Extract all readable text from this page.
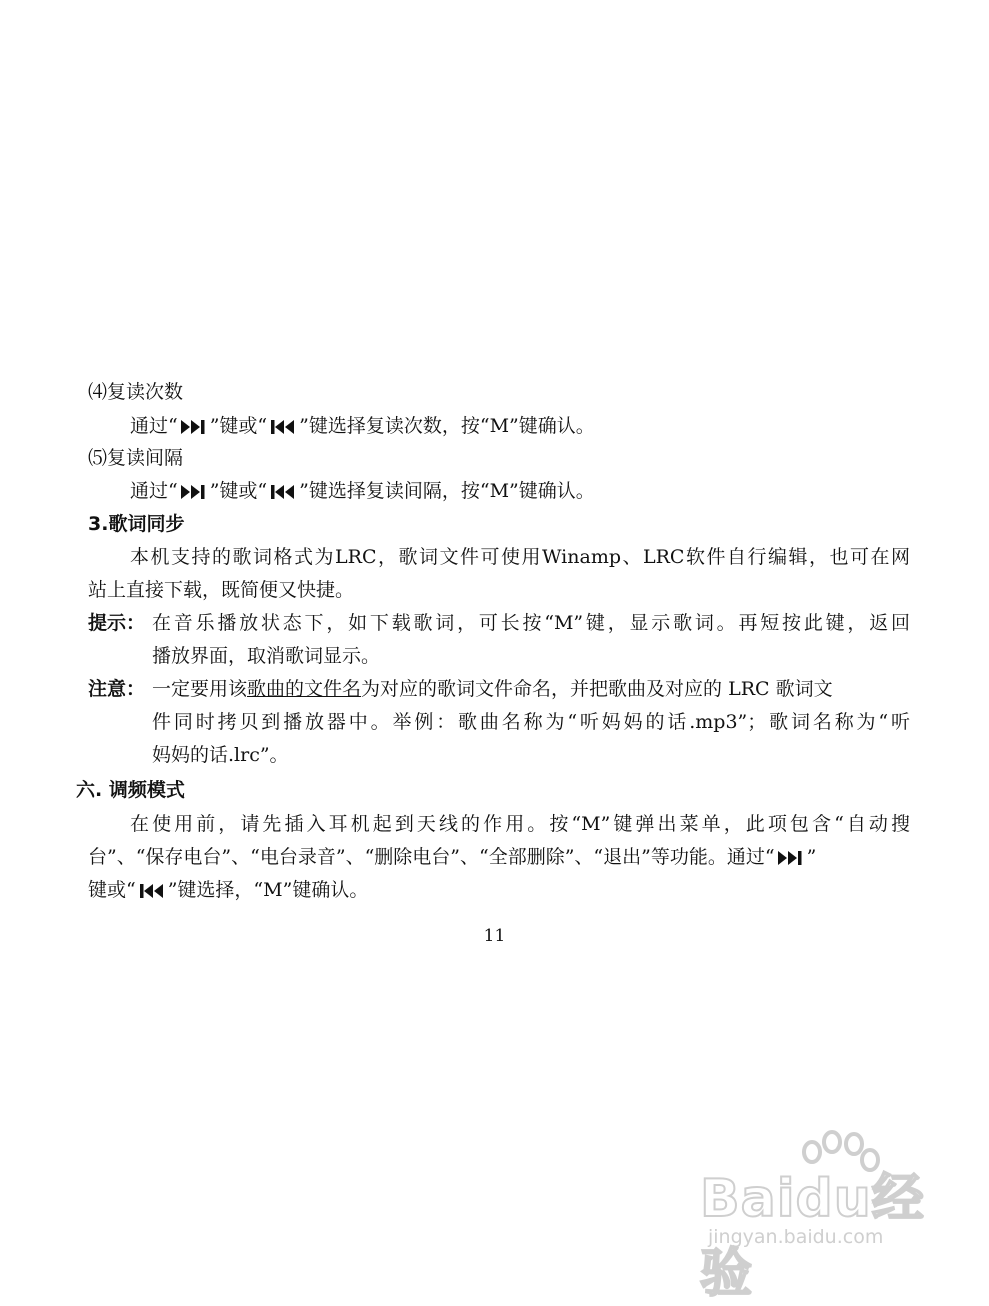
⑷复读次数
通过“ ”键或“ ”键选择复读次数，按“M”键确认。
⑸复读间隔
通过“ ”键或“ ”键选择复读间隔，按“M”键确认。
3.歌词同步
本机支持的歌词格式为LRC，歌词文件可使用Winamp、LRC软件自行编辑，也可在网
站上直接下载，既简便又快捷。
提示： 在音乐播放状态下，如下载歌词，可长按“M”键，显示歌词。再短按此键，返回
播放界面，取消歌词显示。
注意： 一定要用该歌曲的文件名为对应的歌词文件命名，并把歌曲及对应的 LRC 歌词文
件同时拷贝到播放器中。举例：歌曲名称为“听妈妈的话.mp3”；歌词名称为“听
妈妈的话.lrc”。
六. 调频模式
在使用前，请先插入耳机起到天线的作用。按“M”键弹出菜单，此项包含“自动搜
台”、“保存电台”、“电台录音”、“删除电台”、“全部删除”、“退出”等功能。通过“ ”
键或“ ”键选择，“M”键确认。
11
Baidu经验
jingyan.baidu.com
